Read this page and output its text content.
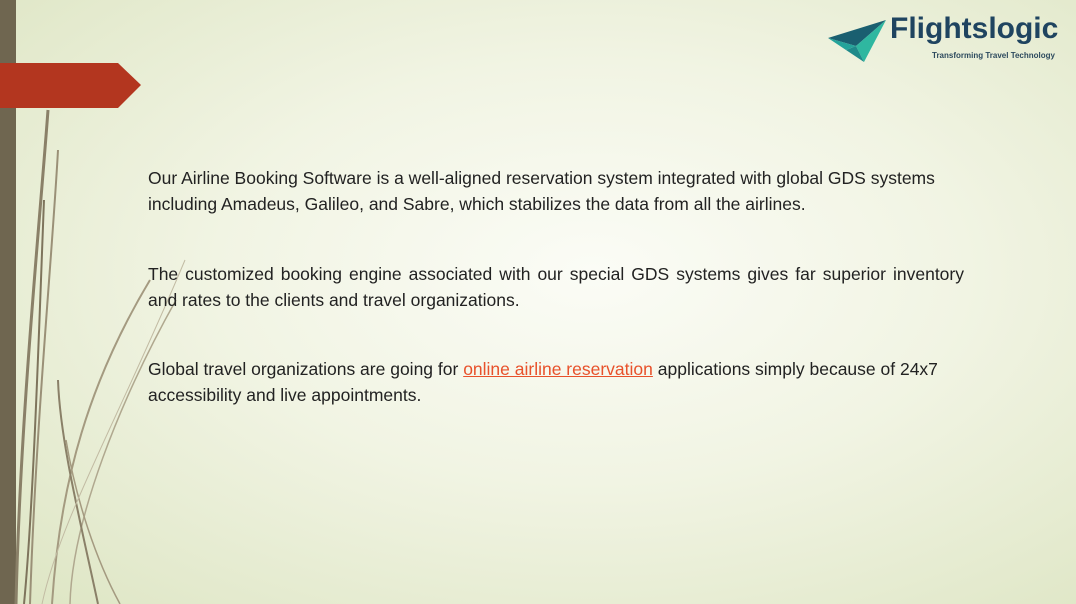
Flightslogic
Transforming Travel Technology

Our Airline Booking Software is a well-aligned reservation system integrated with global GDS systems including Amadeus, Galileo, and Sabre, which stabilizes the data from all the airlines.

The customized booking engine associated with our special GDS systems gives far superior inventory and rates to the clients and travel organizations.

Global travel organizations are going for online airline reservation applications simply because of 24x7 accessibility and live appointments.
